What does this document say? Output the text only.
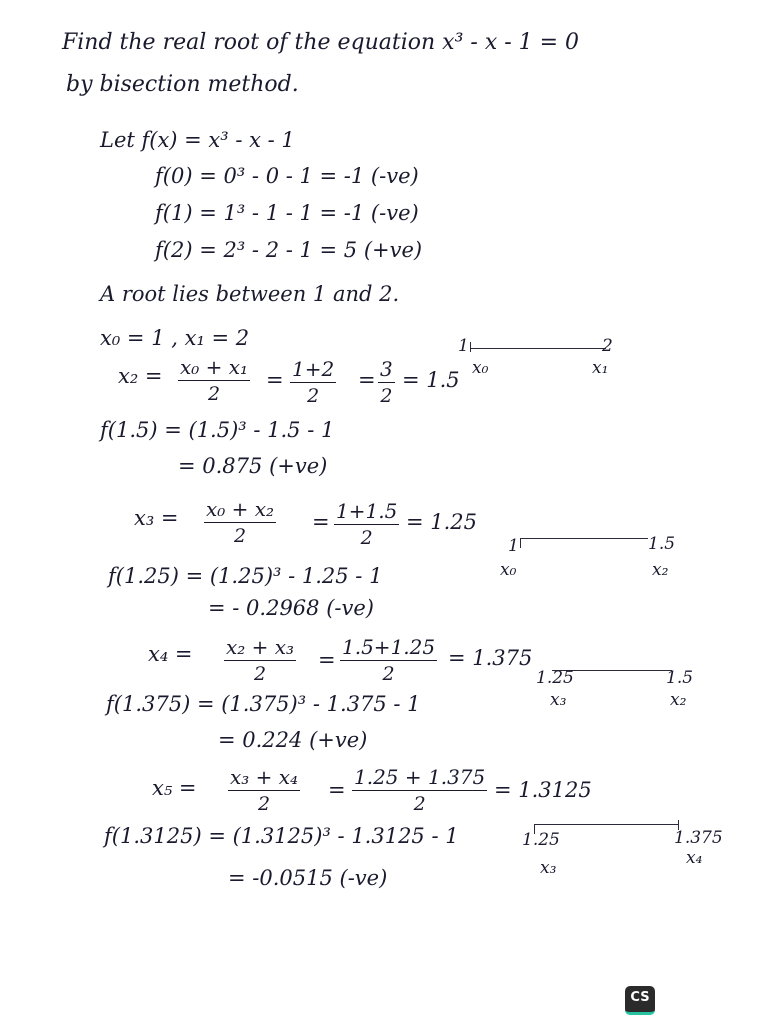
Find the real root of the equation x³ - x - 1 = 0
by bisection method.
Let f(x) = x³ - x - 1
f(0) = 0³ - 0 - 1 = -1 (-ve)
f(1) = 1³ - 1 - 1 = -1 (-ve)
f(2) = 2³ - 2 - 1 = 5 (+ve)
A root lies between 1 and 2.
x₀ = 1 , x₁ = 2
$x_2 = \frac{\text{x₀ + x₁}}{2} = \frac{1+2}{2} = \frac{3}{2} = 1.5$
1	2
x₀	x₁
f(1.5) = (1.5)³ - 1.5 - 1
= 0.875 (+ve)
$x_3 = \frac{\text{x₀ + x₂}}{2} = \frac{1+1.5}{2} = 1.25$
1	1.5
x₀	x₂
f(1.25) = (1.25)³ - 1.25 - 1
= - 0.2968 (-ve)
$x_4 = \frac{\text{x₂ + x₃}}{2} = \frac{1.5+1.25}{2} = 1.375$
1.25	1.5
x₃	x₂
f(1.375) = (1.375)³ - 1.375 - 1
= 0.224 (+ve)
$x_5 = \frac{\text{x₃ + x₄}}{2} = \frac{1.25 + 1.375}{2} = 1.3125$
1.25	1.375
x₃	x₄
f(1.3125) = (1.3125)³ - 1.3125 - 1
= -0.0515 (-ve)
CS
